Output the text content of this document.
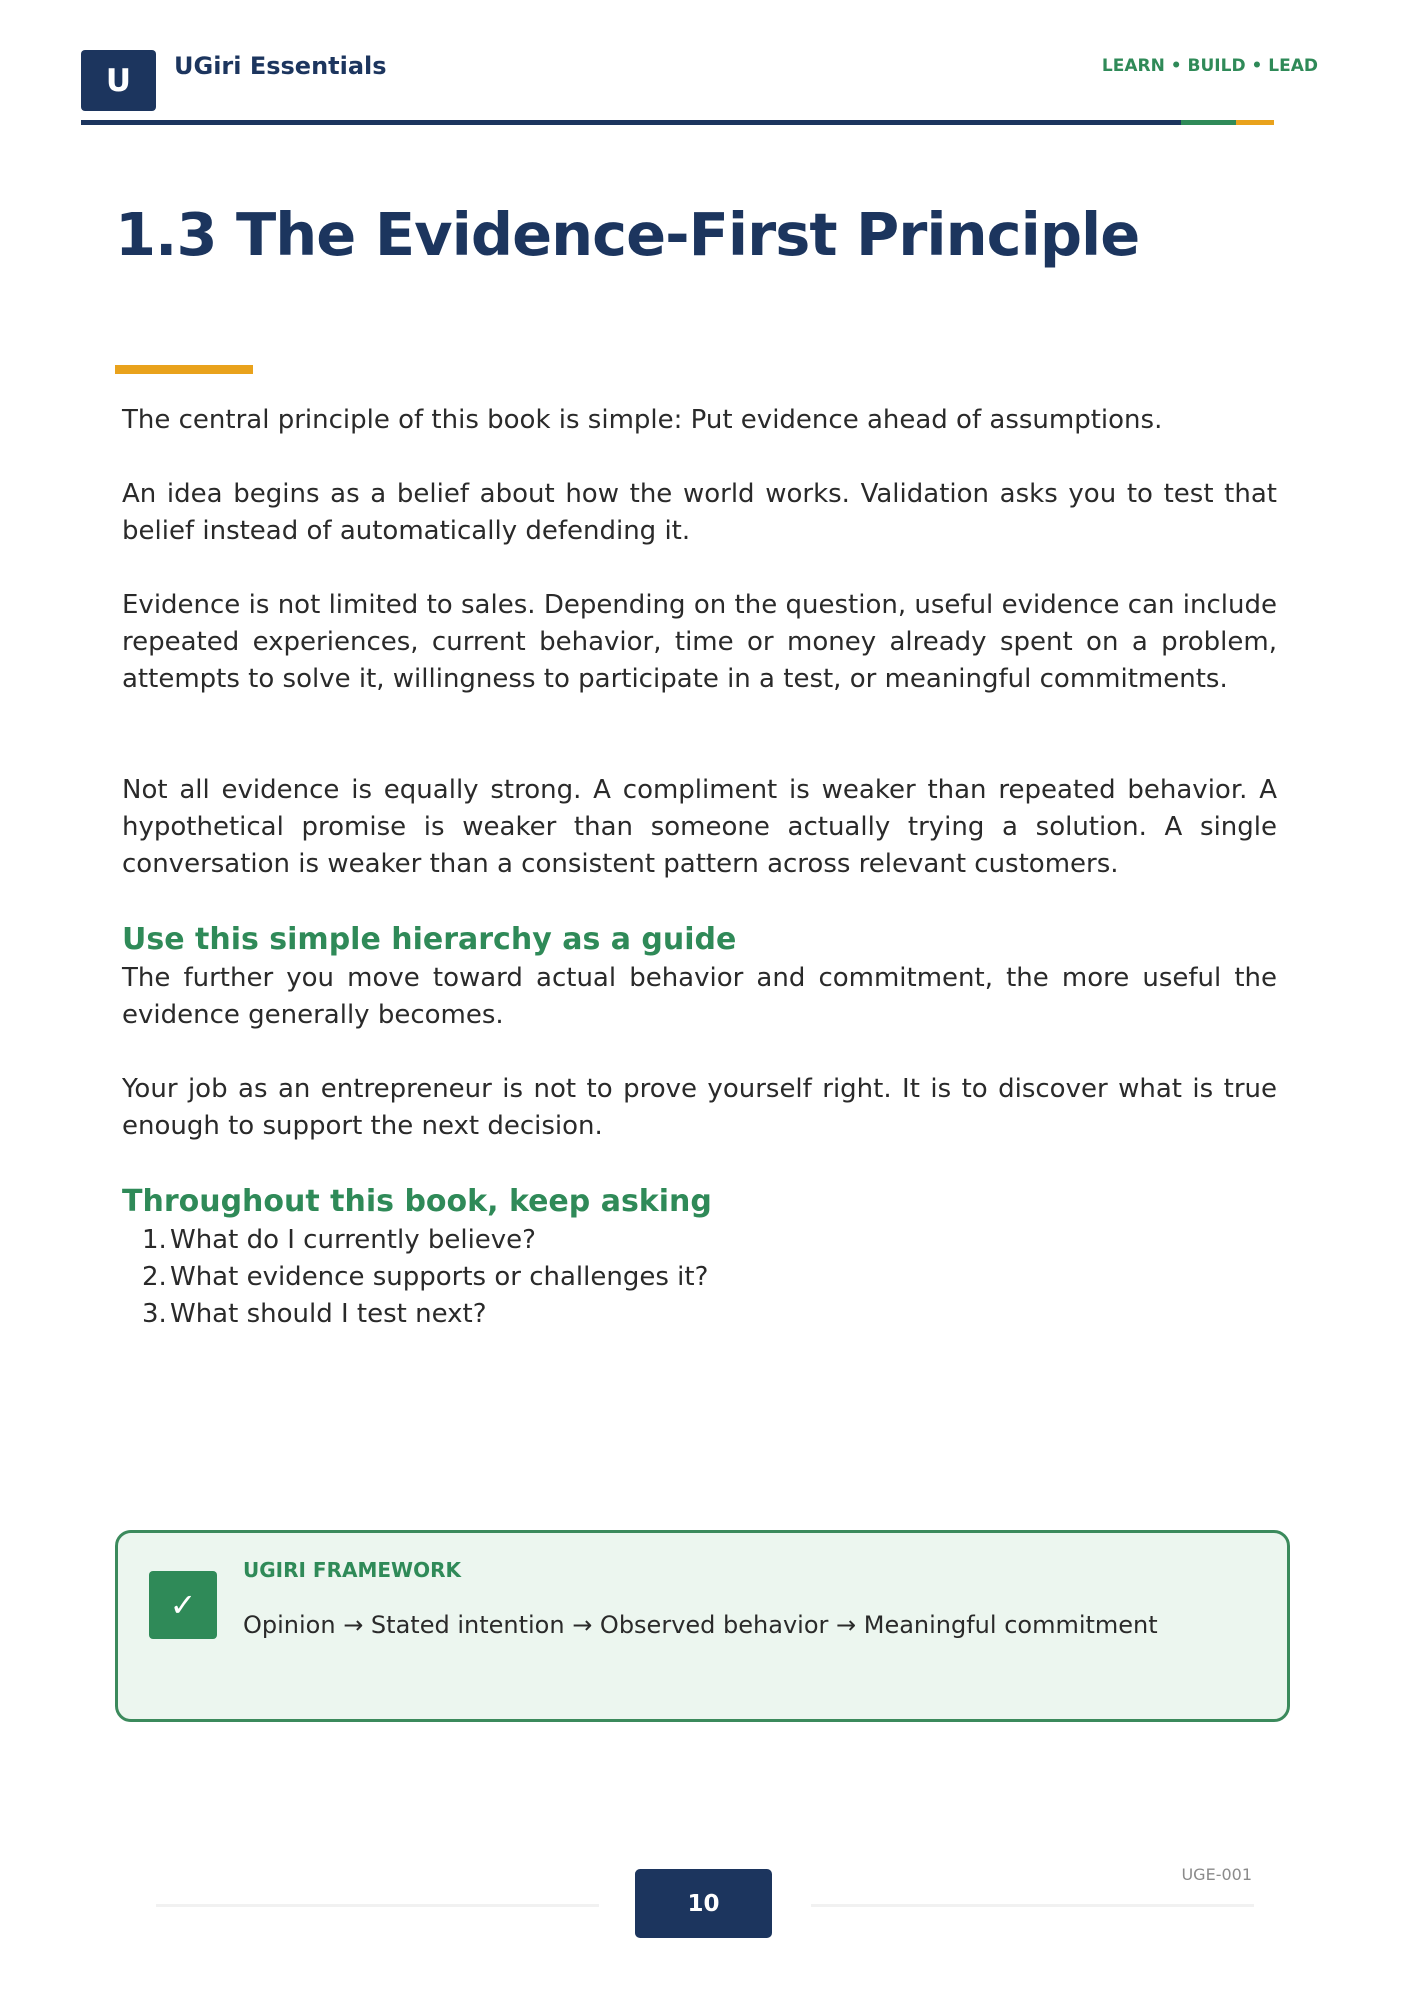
U	UGiri Essentials	LEARN • BUILD • LEAD
1.3 The Evidence-First Principle

The central principle of this book is simple: Put evidence ahead of assumptions.

An idea begins as a belief about how the world works. Validation asks you to test that belief instead of automatically defending it.

Evidence is not limited to sales. Depending on the question, useful evidence can include repeated experiences, current behavior, time or money already spent on a problem, attempts to solve it, willingness to participate in a test, or meaningful commitments.

Not all evidence is equally strong. A compliment is weaker than repeated behavior. A hypothetical promise is weaker than someone actually trying a solution. A single conversation is weaker than a consistent pattern across relevant customers.

Use this simple hierarchy as a guide

The further you move toward actual behavior and commitment, the more useful the evidence generally becomes.

Your job as an entrepreneur is not to prove yourself right. It is to discover what is true enough to support the next decision.

Throughout this book, keep asking
1. What do I currently believe?
2. What evidence supports or challenges it?
3. What should I test next?
✓
UGIRI FRAMEWORK
Opinion → Stated intention → Observed behavior → Meaningful commitment
10
UGE-001
